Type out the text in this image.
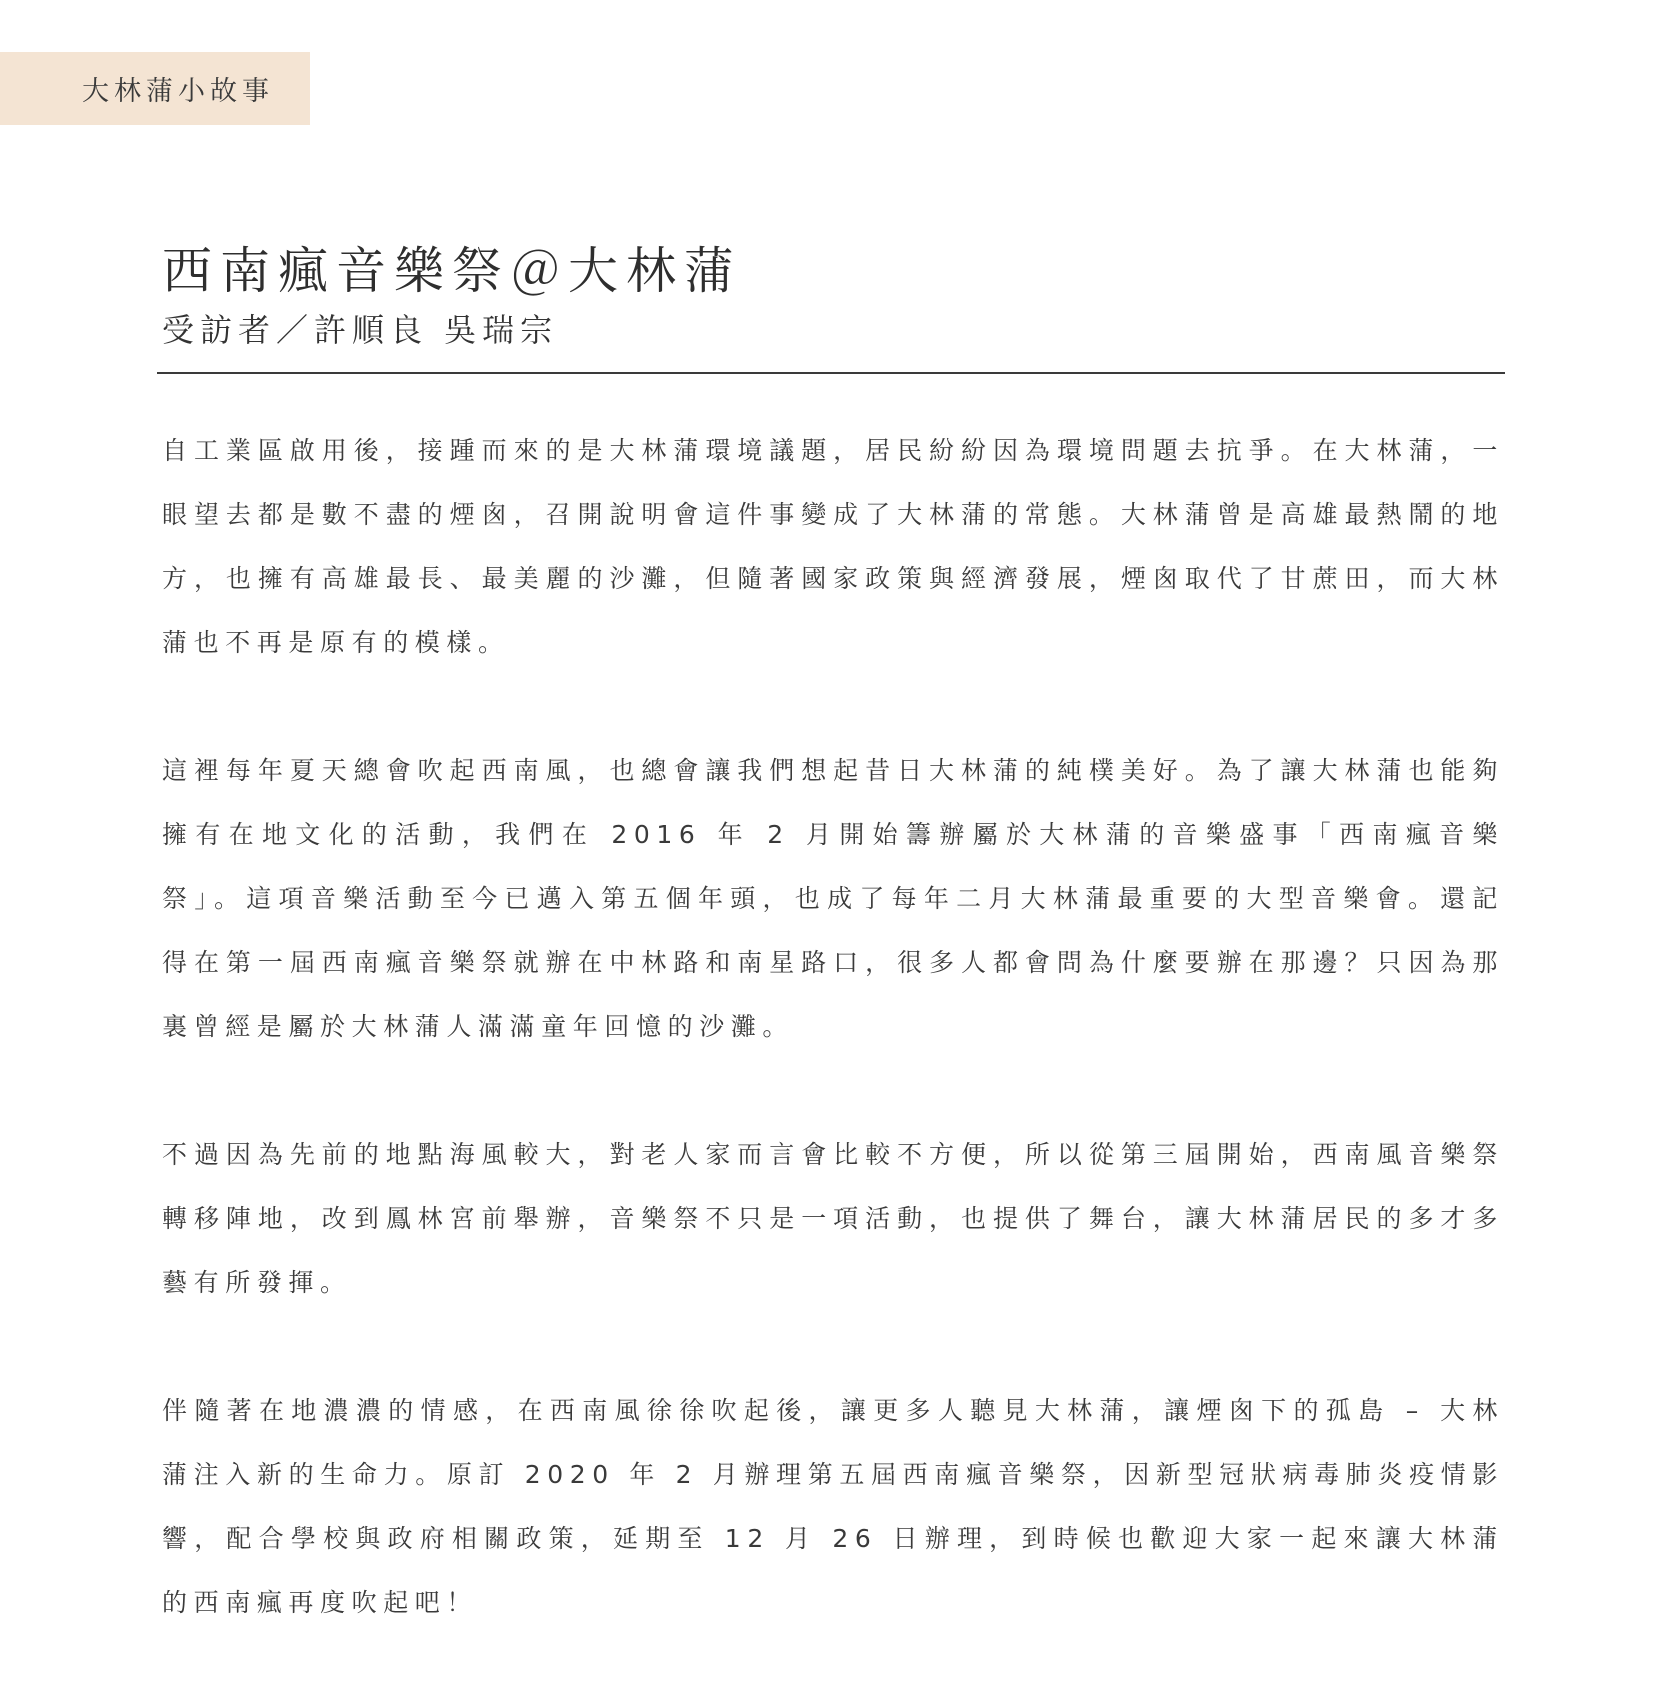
大林蒲小故事
西南瘋音樂祭＠大林蒲
受訪者／許順良 吳瑞宗

自工業區啟用後，接踵而來的是大林蒲環境議題，居民紛紛因為環境問題去抗爭。在大林蒲，一眼望去都是數不盡的煙囪，召開說明會這件事變成了大林蒲的常態。大林蒲曾是高雄最熱鬧的地方，也擁有高雄最長、最美麗的沙灘，但隨著國家政策與經濟發展，煙囪取代了甘蔗田，而大林蒲也不再是原有的模樣。

這裡每年夏天總會吹起西南風，也總會讓我們想起昔日大林蒲的純樸美好。為了讓大林蒲也能夠擁有在地文化的活動，我們在 2016 年 2 月開始籌辦屬於大林蒲的音樂盛事「西南瘋音樂祭」。這項音樂活動至今已邁入第五個年頭，也成了每年二月大林蒲最重要的大型音樂會。還記得在第一屆西南瘋音樂祭就辦在中林路和南星路口，很多人都會問為什麼要辦在那邊？只因為那裏曾經是屬於大林蒲人滿滿童年回憶的沙灘。

不過因為先前的地點海風較大，對老人家而言會比較不方便，所以從第三屆開始，西南風音樂祭轉移陣地，改到鳳林宮前舉辦，音樂祭不只是一項活動，也提供了舞台，讓大林蒲居民的多才多藝有所發揮。

伴隨著在地濃濃的情感，在西南風徐徐吹起後，讓更多人聽見大林蒲，讓煙囪下的孤島 – 大林蒲注入新的生命力。原訂 2020 年 2 月辦理第五屆西南瘋音樂祭，因新型冠狀病毒肺炎疫情影響，配合學校與政府相關政策，延期至 12 月 26 日辦理，到時候也歡迎大家一起來讓大林蒲的西南瘋再度吹起吧！
